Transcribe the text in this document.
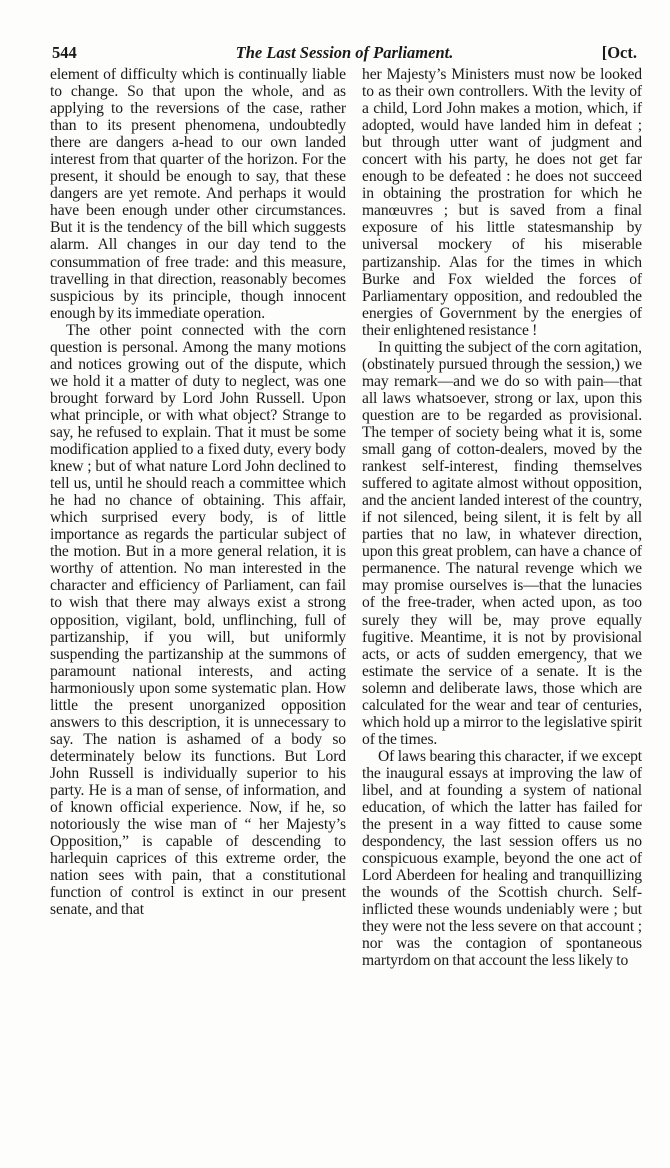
544	The Last Session of Parliament.	[Oct.

element of difficulty which is continually liable to change. So that upon the whole, and as applying to the reversions of the case, rather than to its present phenomena, undoubtedly there are dangers a-head to our own landed interest from that quarter of the horizon. For the present, it should be enough to say, that these dangers are yet remote. And perhaps it would have been enough under other circumstances. But it is the tendency of the bill which suggests alarm. All changes in our day tend to the consummation of free trade: and this measure, travelling in that direction, reasonably becomes suspicious by its principle, though innocent enough by its immediate operation.

The other point connected with the corn question is personal. Among the many motions and notices growing out of the dispute, which we hold it a matter of duty to neglect, was one brought forward by Lord John Russell. Upon what principle, or with what object? Strange to say, he refused to explain. That it must be some modification applied to a fixed duty, every body knew ; but of what nature Lord John declined to tell us, until he should reach a committee which he had no chance of obtaining. This affair, which surprised every body, is of little importance as regards the particular subject of the motion. But in a more general relation, it is worthy of attention. No man interested in the character and efficiency of Parliament, can fail to wish that there may always exist a strong opposition, vigilant, bold, unflinching, full of partizanship, if you will, but uniformly suspending the partizanship at the summons of paramount national interests, and acting harmoniously upon some systematic plan. How little the present unorganized opposition answers to this description, it is unnecessary to say. The nation is ashamed of a body so determinately below its functions. But Lord John Russell is individually superior to his party. He is a man of sense, of information, and of known official experience. Now, if he, so notoriously the wise man of “ her Majesty’s Opposition,” is capable of descending to harlequin caprices of this extreme order, the nation sees with pain, that a constitutional function of control is extinct in our present senate, and that

her Majesty’s Ministers must now be looked to as their own controllers. With the levity of a child, Lord John makes a motion, which, if adopted, would have landed him in defeat ; but through utter want of judgment and concert with his party, he does not get far enough to be defeated : he does not succeed in obtaining the prostration for which he manœuvres ; but is saved from a final exposure of his little statesmanship by universal mockery of his miserable partizanship. Alas for the times in which Burke and Fox wielded the forces of Parliamentary opposition, and redoubled the energies of Government by the energies of their enlightened resistance !

In quitting the subject of the corn agitation, (obstinately pursued through the session,) we may remark—and we do so with pain—that all laws whatsoever, strong or lax, upon this question are to be regarded as provisional. The temper of society being what it is, some small gang of cotton-dealers, moved by the rankest self-interest, finding themselves suffered to agitate almost without opposition, and the ancient landed interest of the country, if not silenced, being silent, it is felt by all parties that no law, in whatever direction, upon this great problem, can have a chance of permanence. The natural revenge which we may promise ourselves is—that the lunacies of the free-trader, when acted upon, as too surely they will be, may prove equally fugitive. Meantime, it is not by provisional acts, or acts of sudden emergency, that we estimate the service of a senate. It is the solemn and deliberate laws, those which are calculated for the wear and tear of centuries, which hold up a mirror to the legislative spirit of the times.

Of laws bearing this character, if we except the inaugural essays at improving the law of libel, and at founding a system of national education, of which the latter has failed for the present in a way fitted to cause some despondency, the last session offers us no conspicuous example, beyond the one act of Lord Aberdeen for healing and tranquillizing the wounds of the Scottish church. Self-inflicted these wounds undeniably were ; but they were not the less severe on that account ; nor was the contagion of spontaneous martyrdom on that account the less likely to
